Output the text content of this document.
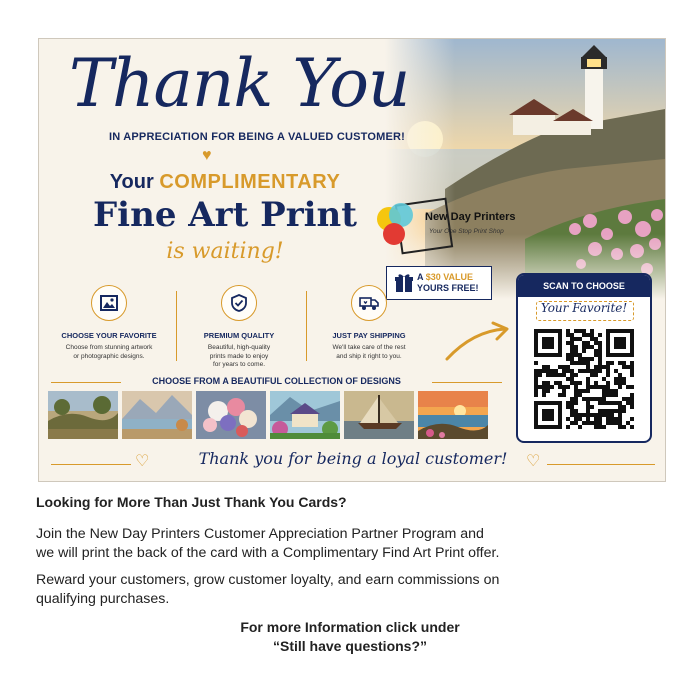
Thank You
IN APPRECIATION FOR BEING A VALUED CUSTOMER!
♥
Your COMPLIMENTARY
Fine Art Print
is waiting!
New Day Printers
Your One Stop Print Shop
A $30 VALUE
YOURS FREE!
CHOOSE YOUR FAVORITE
Choose from stunning artwork
or photographic designs.
PREMIUM QUALITY
Beautiful, high-quality
prints made to enjoy
for years to come.
JUST PAY SHIPPING
We'll take care of the rest
and ship it right to you.
CHOOSE FROM A BEAUTIFUL COLLECTION OF DESIGNS
SCAN TO CHOOSE
Your Favorite!
♡	Thank you for being a loyal customer!	♡
Looking for More Than Just Thank You Cards?
Join the New Day Printers Customer Appreciation Partner Program and
we will print the back of the card with a Complimentary Find Art Print offer.
Reward your customers, grow customer loyalty, and earn commissions on
qualifying purchases.
For more Information click under
“Still have questions?”
